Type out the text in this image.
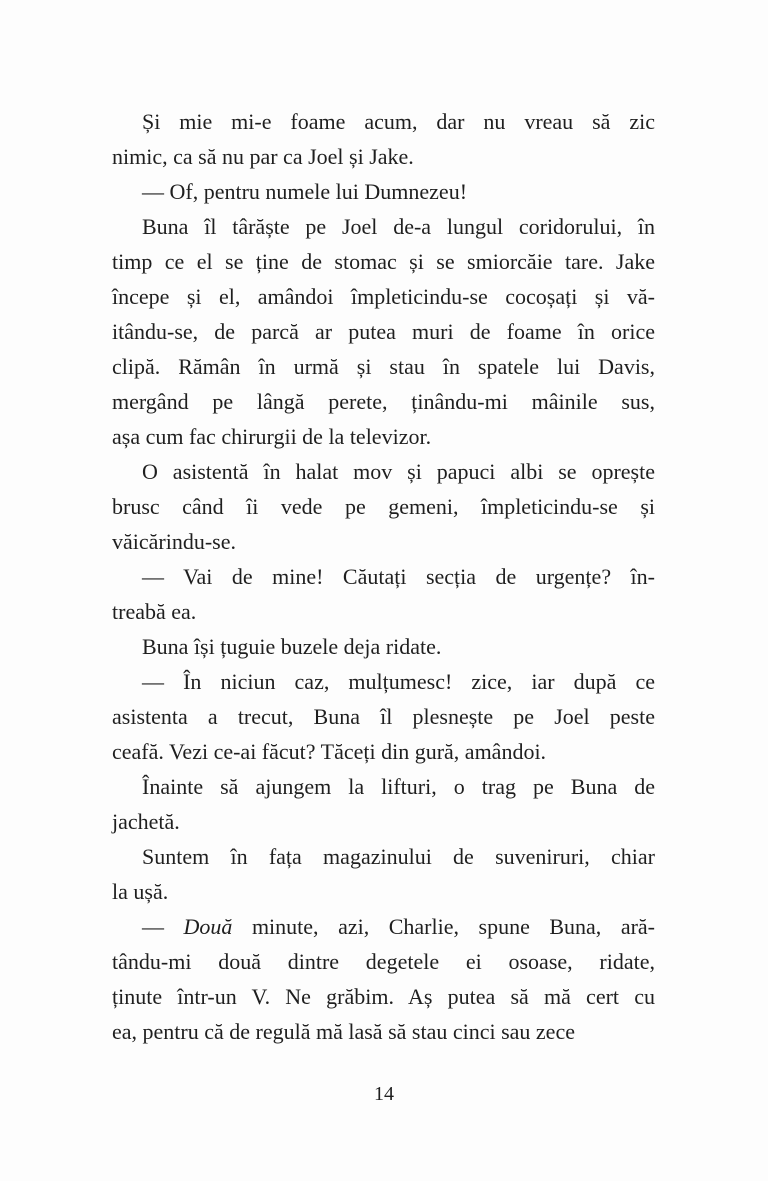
Și mie mi-e foame acum, dar nu vreau să zic
nimic, ca să nu par ca Joel și Jake.
— Of, pentru numele lui Dumnezeu!
Buna îl târăște pe Joel de-a lungul coridorului, în
timp ce el se ține de stomac și se smiorcăie tare. Jake
începe și el, amândoi împleticindu-se cocoșați și vă-
itându-se, de parcă ar putea muri de foame în orice
clipă. Rămân în urmă și stau în spatele lui Davis,
mergând pe lângă perete, ținându-mi mâinile sus,
așa cum fac chirurgii de la televizor.
O asistentă în halat mov și papuci albi se oprește
brusc când îi vede pe gemeni, împleticindu-se și
văicărindu-se.
— Vai de mine! Căutați secția de urgențe? în-
treabă ea.
Buna își țuguie buzele deja ridate.
— În niciun caz, mulțumesc! zice, iar după ce
asistenta a trecut, Buna îl plesnește pe Joel peste
ceafă. Vezi ce-ai făcut? Tăceți din gură, amândoi.
Înainte să ajungem la lifturi, o trag pe Buna de
jachetă.
Suntem în fața magazinului de suveniruri, chiar
la ușă.
— Două minute, azi, Charlie, spune Buna, ară-
tându-mi două dintre degetele ei osoase, ridate,
ținute într-un V. Ne grăbim. Aș putea să mă cert cu
ea, pentru că de regulă mă lasă să stau cinci sau zece
14
